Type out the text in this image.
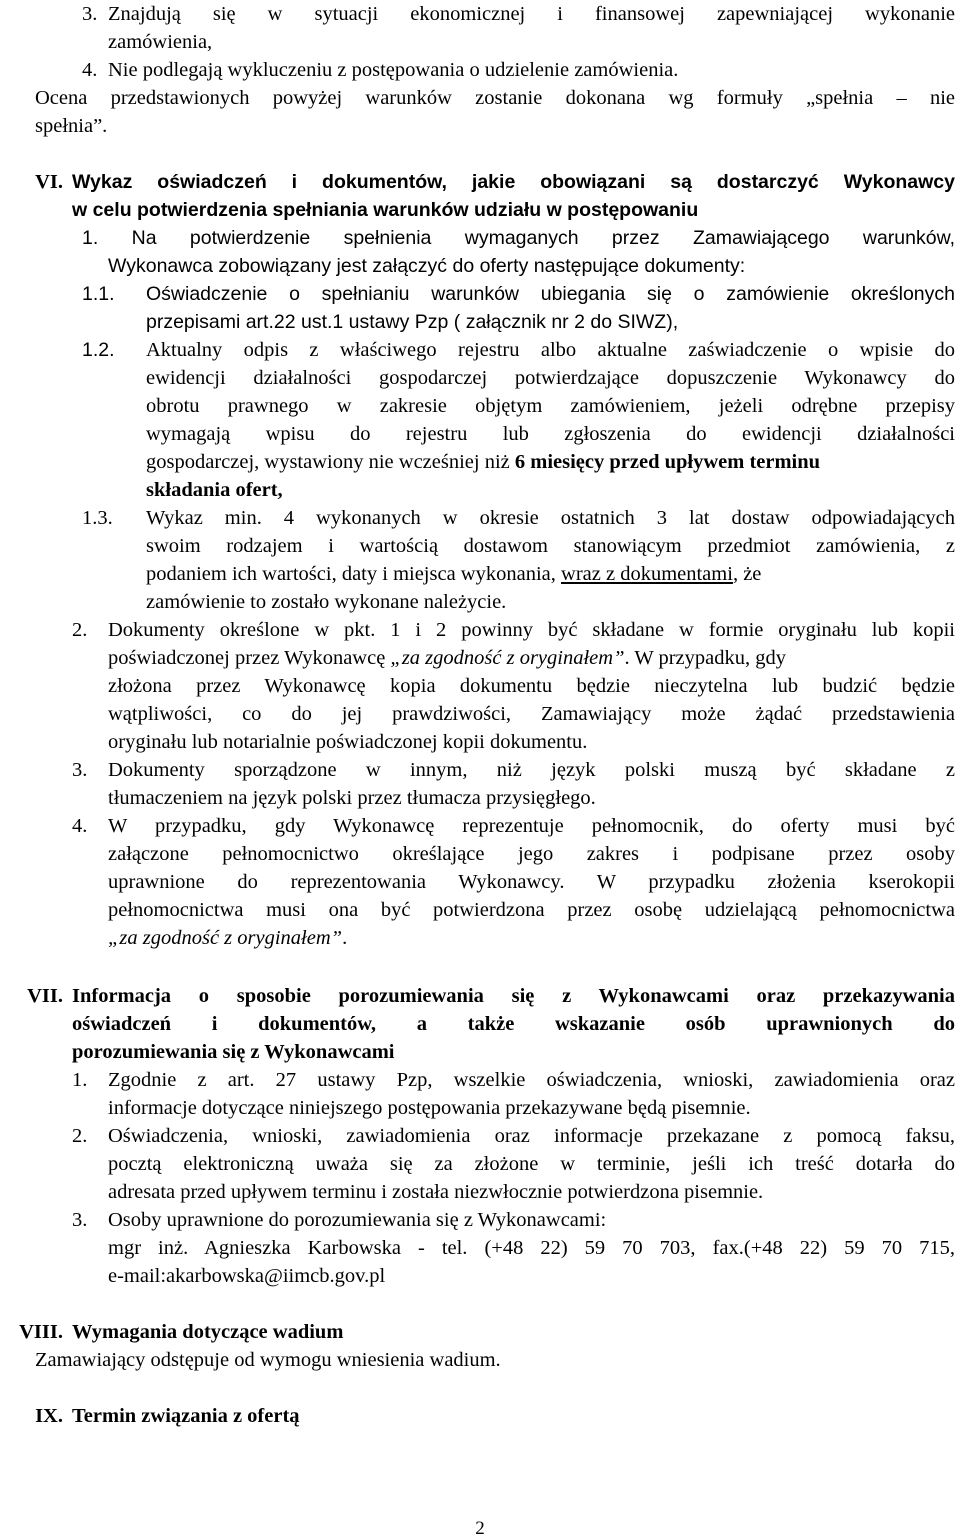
3. Znajdują się w sytuacji ekonomicznej i finansowej zapewniającej wykonanie
zamówienia,
4. Nie podlegają wykluczeniu z postępowania o udzielenie zamówienia.
Ocena przedstawionych powyżej warunków zostanie dokonana wg formuły „spełnia – nie
spełnia”.
VI. Wykaz oświadczeń i dokumentów, jakie obowiązani są dostarczyć Wykonawcy
w celu potwierdzenia spełniania warunków udziału w postępowaniu
1. Na potwierdzenie spełnienia wymaganych przez Zamawiającego warunków,
Wykonawca zobowiązany jest załączyć do oferty następujące dokumenty:
1.1. Oświadczenie o spełnianiu warunków ubiegania się o zamówienie określonych
przepisami art.22 ust.1 ustawy Pzp ( załącznik nr 2 do SIWZ),
1.2. Aktualny odpis z właściwego rejestru albo aktualne zaświadczenie o wpisie do
ewidencji działalności gospodarczej potwierdzające dopuszczenie Wykonawcy do
obrotu prawnego w zakresie objętym zamówieniem, jeżeli odrębne przepisy
wymagają wpisu do rejestru lub zgłoszenia do ewidencji działalności
gospodarczej, wystawiony nie wcześniej niż 6 miesięcy przed upływem terminu
składania ofert,
1.3. Wykaz min. 4 wykonanych w okresie ostatnich 3 lat dostaw odpowiadających
swoim rodzajem i wartością dostawom stanowiącym przedmiot zamówienia, z
podaniem ich wartości, daty i miejsca wykonania, wraz z dokumentami, że
zamówienie to zostało wykonane należycie.
2. Dokumenty określone w pkt. 1 i 2 powinny być składane w formie oryginału lub kopii
poświadczonej przez Wykonawcę „za zgodność z oryginałem”. W przypadku, gdy
złożona przez Wykonawcę kopia dokumentu będzie nieczytelna lub budzić będzie
wątpliwości, co do jej prawdziwości, Zamawiający może żądać przedstawienia
oryginału lub notarialnie poświadczonej kopii dokumentu.
3. Dokumenty sporządzone w innym, niż język polski muszą być składane z
tłumaczeniem na język polski przez tłumacza przysięgłego.
4. W przypadku, gdy Wykonawcę reprezentuje pełnomocnik, do oferty musi być
załączone pełnomocnictwo określające jego zakres i podpisane przez osoby
uprawnione do reprezentowania Wykonawcy. W przypadku złożenia kserokopii
pełnomocnictwa musi ona być potwierdzona przez osobę udzielającą pełnomocnictwa
„za zgodność z oryginałem”.
VII. Informacja o sposobie porozumiewania się z Wykonawcami oraz przekazywania
oświadczeń i dokumentów, a także wskazanie osób uprawnionych do
porozumiewania się z Wykonawcami
1. Zgodnie z art. 27 ustawy Pzp, wszelkie oświadczenia, wnioski, zawiadomienia oraz
informacje dotyczące niniejszego postępowania przekazywane będą pisemnie.
2. Oświadczenia, wnioski, zawiadomienia oraz informacje przekazane z pomocą faksu,
pocztą elektroniczną uważa się za złożone w terminie, jeśli ich treść dotarła do
adresata przed upływem terminu i została niezwłocznie potwierdzona pisemnie.
3. Osoby uprawnione do porozumiewania się z Wykonawcami:
mgr inż. Agnieszka Karbowska - tel. (+48 22) 59 70 703, fax.(+48 22) 59 70 715,
e-mail:akarbowska@iimcb.gov.pl
VIII. Wymagania dotyczące wadium
Zamawiający odstępuje od wymogu wniesienia wadium.
IX. Termin związania z ofertą
2
